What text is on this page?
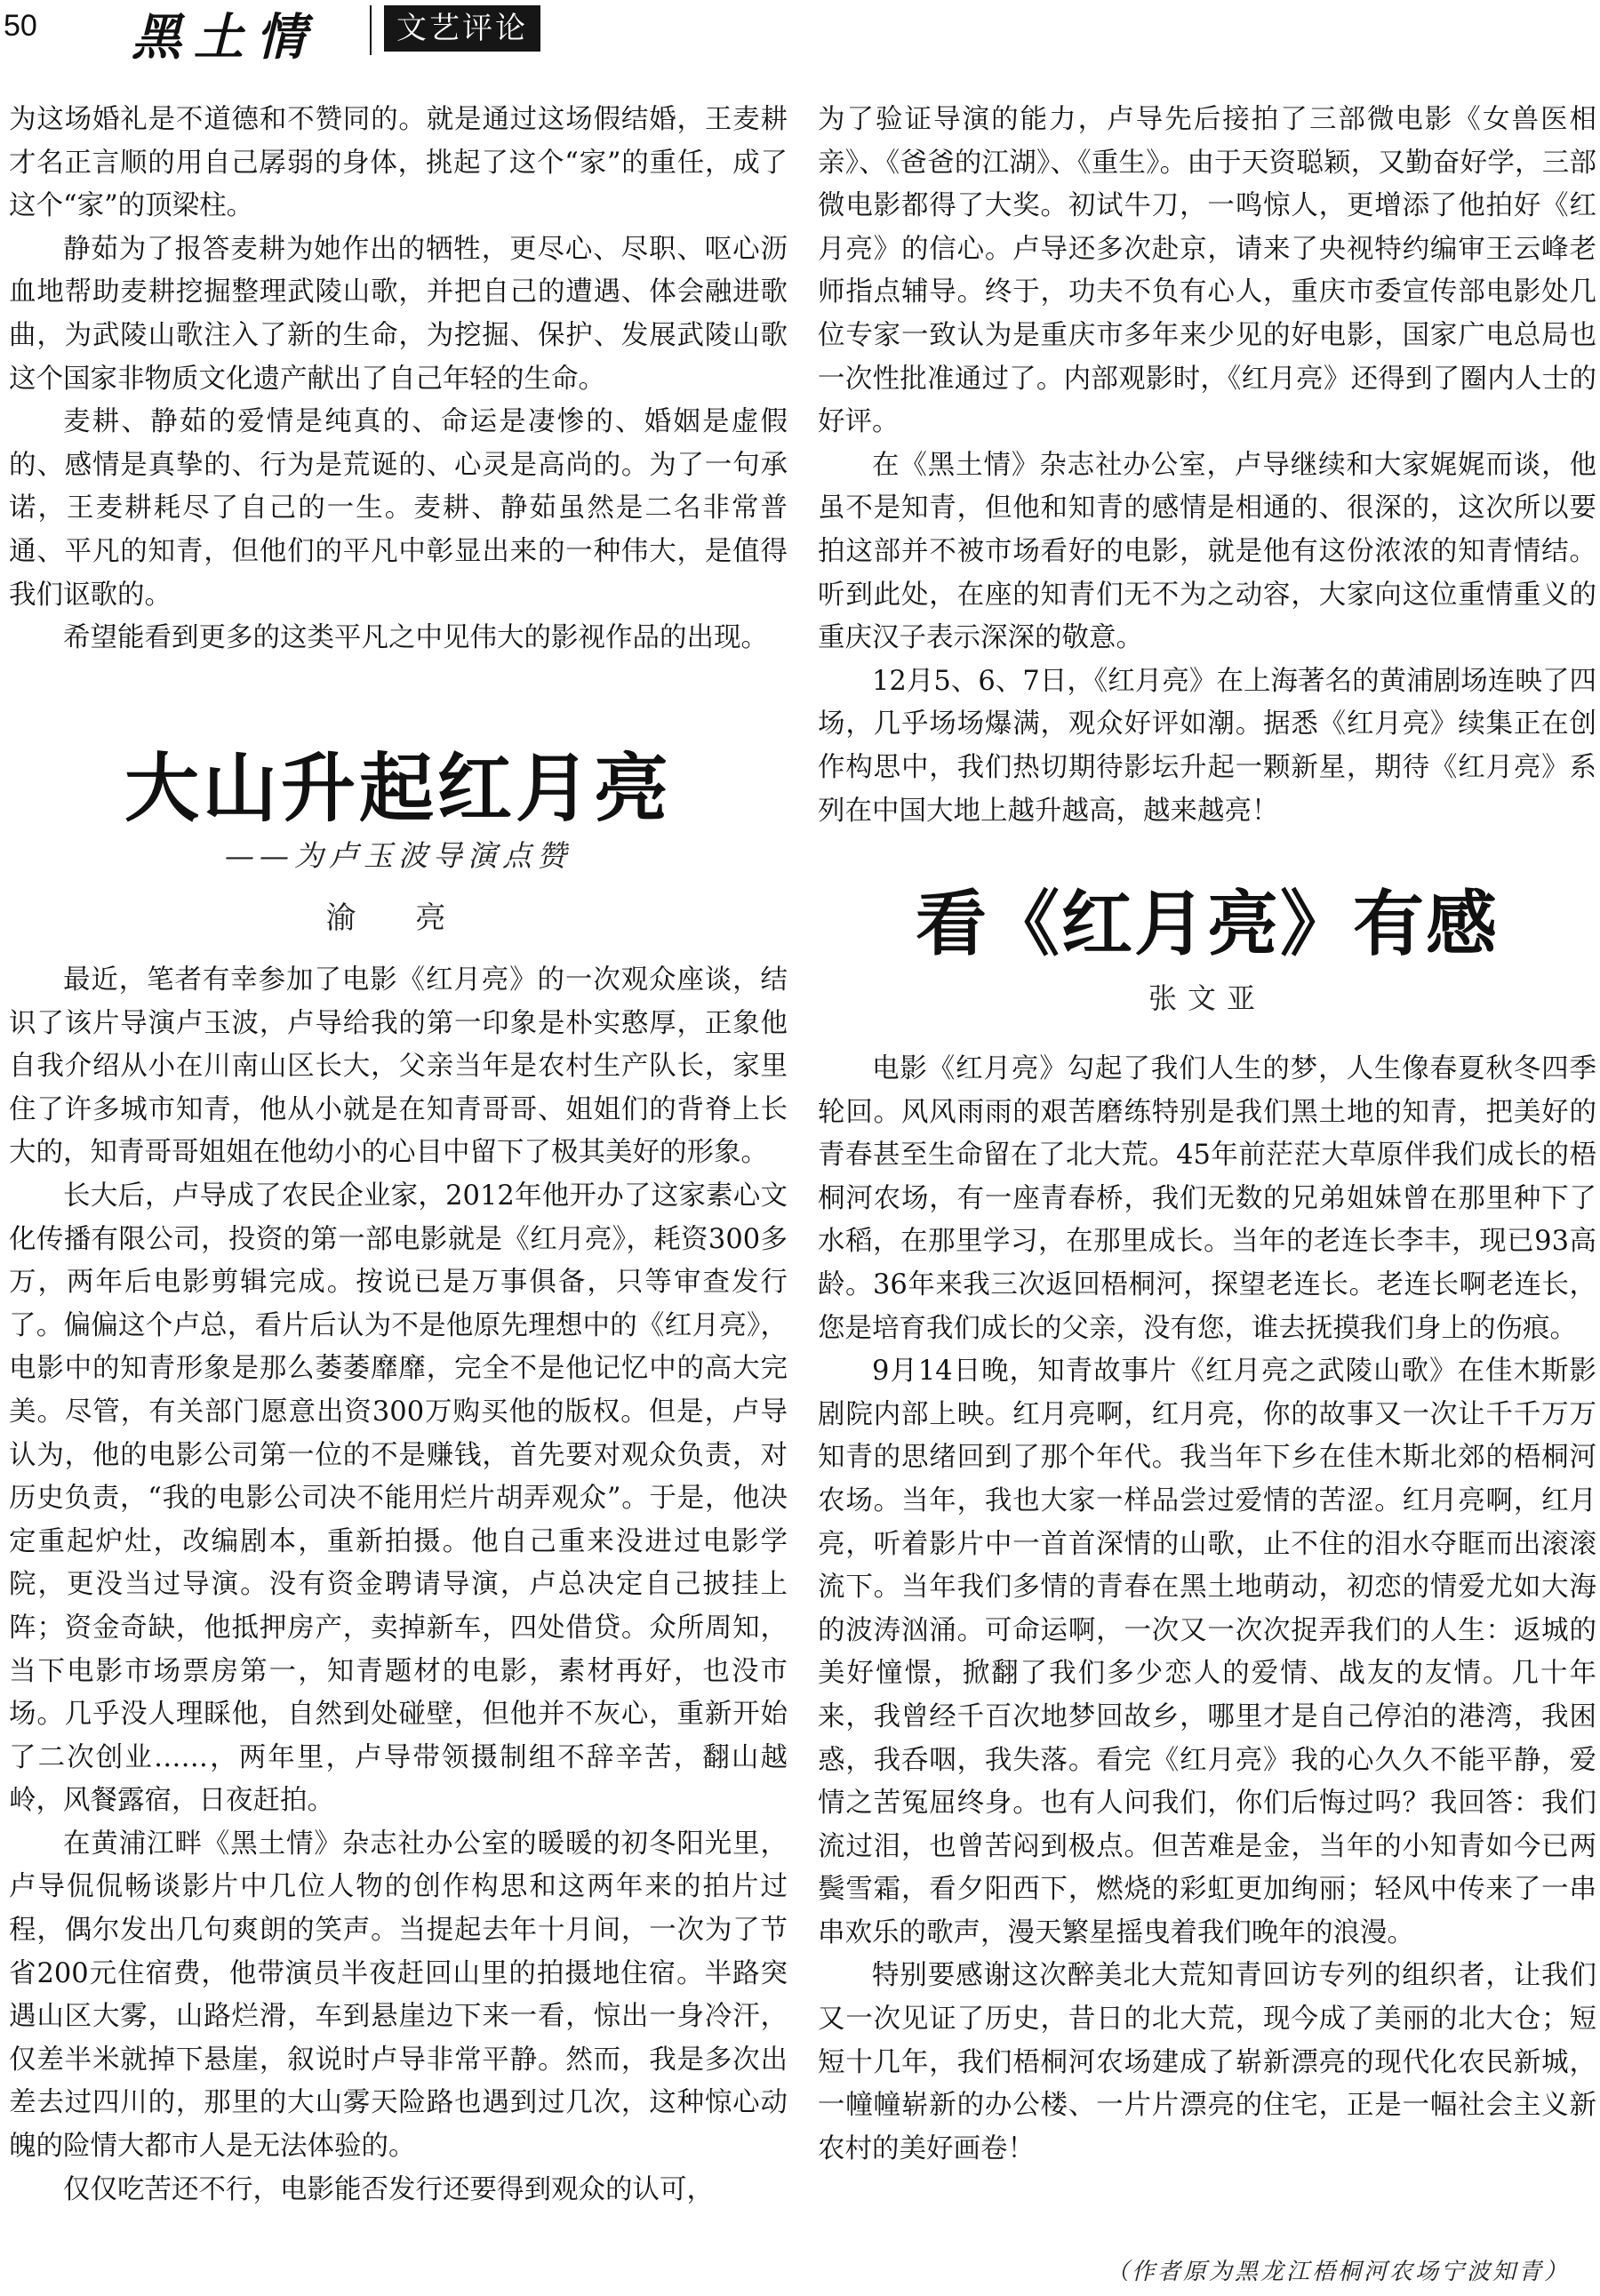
50 黑土情	文艺评论

为这场婚礼是不道德和不赞同的。就是通过这场假结婚，王麦耕才名正言顺的用自己孱弱的身体，挑起了这个“家”的重任，成了这个“家”的顶梁柱。

静茹为了报答麦耕为她作出的牺牲，更尽心、尽职、呕心沥血地帮助麦耕挖掘整理武陵山歌，并把自己的遭遇、体会融进歌曲，为武陵山歌注入了新的生命，为挖掘、保护、发展武陵山歌这个国家非物质文化遗产献出了自己年轻的生命。

麦耕、静茹的爱情是纯真的、命运是凄惨的、婚姻是虚假的、感情是真挚的、行为是荒诞的、心灵是高尚的。为了一句承诺，王麦耕耗尽了自己的一生。麦耕、静茹虽然是二名非常普通、平凡的知青，但他们的平凡中彰显出来的一种伟大，是值得我们讴歌的。

希望能看到更多的这类平凡之中见伟大的影视作品的出现。

大山升起红月亮
——为卢玉波导演点赞
渝 亮

最近，笔者有幸参加了电影《红月亮》的一次观众座谈，结识了该片导演卢玉波，卢导给我的第一印象是朴实憨厚，正象他自我介绍从小在川南山区长大，父亲当年是农村生产队长，家里住了许多城市知青，他从小就是在知青哥哥、姐姐们的背脊上长大的，知青哥哥姐姐在他幼小的心目中留下了极其美好的形象。

长大后，卢导成了农民企业家，2012年他开办了这家素心文化传播有限公司，投资的第一部电影就是《红月亮》，耗资300多万，两年后电影剪辑完成。按说已是万事俱备，只等审查发行了。偏偏这个卢总，看片后认为不是他原先理想中的《红月亮》，电影中的知青形象是那么萎萎靡靡，完全不是他记忆中的高大完美。尽管，有关部门愿意出资300万购买他的版权。但是，卢导认为，他的电影公司第一位的不是赚钱，首先要对观众负责，对历史负责，“我的电影公司决不能用烂片胡弄观众”。于是，他决定重起炉灶，改编剧本，重新拍摄。他自己重来没进过电影学院，更没当过导演。没有资金聘请导演，卢总决定自己披挂上阵；资金奇缺，他抵押房产，卖掉新车，四处借贷。众所周知，当下电影市场票房第一，知青题材的电影，素材再好，也没市场。几乎没人理睬他，自然到处碰壁，但他并不灰心，重新开始了二次创业……，两年里，卢导带领摄制组不辞辛苦，翻山越岭，风餐露宿，日夜赶拍。

在黄浦江畔《黑土情》杂志社办公室的暖暖的初冬阳光里，卢导侃侃畅谈影片中几位人物的创作构思和这两年来的拍片过程，偶尔发出几句爽朗的笑声。当提起去年十月间，一次为了节省200元住宿费，他带演员半夜赶回山里的拍摄地住宿。半路突遇山区大雾，山路烂滑，车到悬崖边下来一看，惊出一身冷汗，仅差半米就掉下悬崖，叙说时卢导非常平静。然而，我是多次出差去过四川的，那里的大山雾天险路也遇到过几次，这种惊心动魄的险情大都市人是无法体验的。

仅仅吃苦还不行，电影能否发行还要得到观众的认可，

为了验证导演的能力，卢导先后接拍了三部微电影《女兽医相亲》、《爸爸的江湖》、《重生》。由于天资聪颖，又勤奋好学，三部微电影都得了大奖。初试牛刀，一鸣惊人，更增添了他拍好《红月亮》的信心。卢导还多次赴京，请来了央视特约编审王云峰老师指点辅导。终于，功夫不负有心人，重庆市委宣传部电影处几位专家一致认为是重庆市多年来少见的好电影，国家广电总局也一次性批准通过了。内部观影时，《红月亮》还得到了圈内人士的好评。

在《黑土情》杂志社办公室，卢导继续和大家娓娓而谈，他虽不是知青，但他和知青的感情是相通的、很深的，这次所以要拍这部并不被市场看好的电影，就是他有这份浓浓的知青情结。听到此处，在座的知青们无不为之动容，大家向这位重情重义的重庆汉子表示深深的敬意。

12月5、6、7日，《红月亮》在上海著名的黄浦剧场连映了四场，几乎场场爆满，观众好评如潮。据悉《红月亮》续集正在创作构思中，我们热切期待影坛升起一颗新星，期待《红月亮》系列在中国大地上越升越高，越来越亮！

看《红月亮》有感
张文亚

电影《红月亮》勾起了我们人生的梦，人生像春夏秋冬四季轮回。风风雨雨的艰苦磨练特别是我们黑土地的知青，把美好的青春甚至生命留在了北大荒。45年前茫茫大草原伴我们成长的梧桐河农场，有一座青春桥，我们无数的兄弟姐妹曾在那里种下了水稻，在那里学习，在那里成长。当年的老连长李丰，现已93高龄。36年来我三次返回梧桐河，探望老连长。老连长啊老连长，您是培育我们成长的父亲，没有您，谁去抚摸我们身上的伤痕。

9月14日晚，知青故事片《红月亮之武陵山歌》在佳木斯影剧院内部上映。红月亮啊，红月亮，你的故事又一次让千千万万知青的思绪回到了那个年代。我当年下乡在佳木斯北郊的梧桐河农场。当年，我也大家一样品尝过爱情的苦涩。红月亮啊，红月亮，听着影片中一首首深情的山歌，止不住的泪水夺眶而出滚滚流下。当年我们多情的青春在黑土地萌动，初恋的情爱尤如大海的波涛汹涌。可命运啊，一次又一次次捉弄我们的人生：返城的美好憧憬，掀翻了我们多少恋人的爱情、战友的友情。几十年来，我曾经千百次地梦回故乡，哪里才是自己停泊的港湾，我困惑，我呑咽，我失落。看完《红月亮》我的心久久不能平静，爱情之苦冤屈终身。也有人问我们，你们后悔过吗？我回答：我们流过泪，也曾苦闷到极点。但苦难是金，当年的小知青如今已两鬓雪霜，看夕阳西下，燃烧的彩虹更加绚丽；轻风中传来了一串串欢乐的歌声，漫天繁星摇曳着我们晚年的浪漫。

特别要感谢这次醉美北大荒知青回访专列的组织者，让我们又一次见证了历史，昔日的北大荒，现今成了美丽的北大仓；短短十几年，我们梧桐河农场建成了崭新漂亮的现代化农民新城，一幢幢崭新的办公楼、一片片漂亮的住宅，正是一幅社会主义新农村的美好画卷！

（作者原为黑龙江梧桐河农场宁波知青）
